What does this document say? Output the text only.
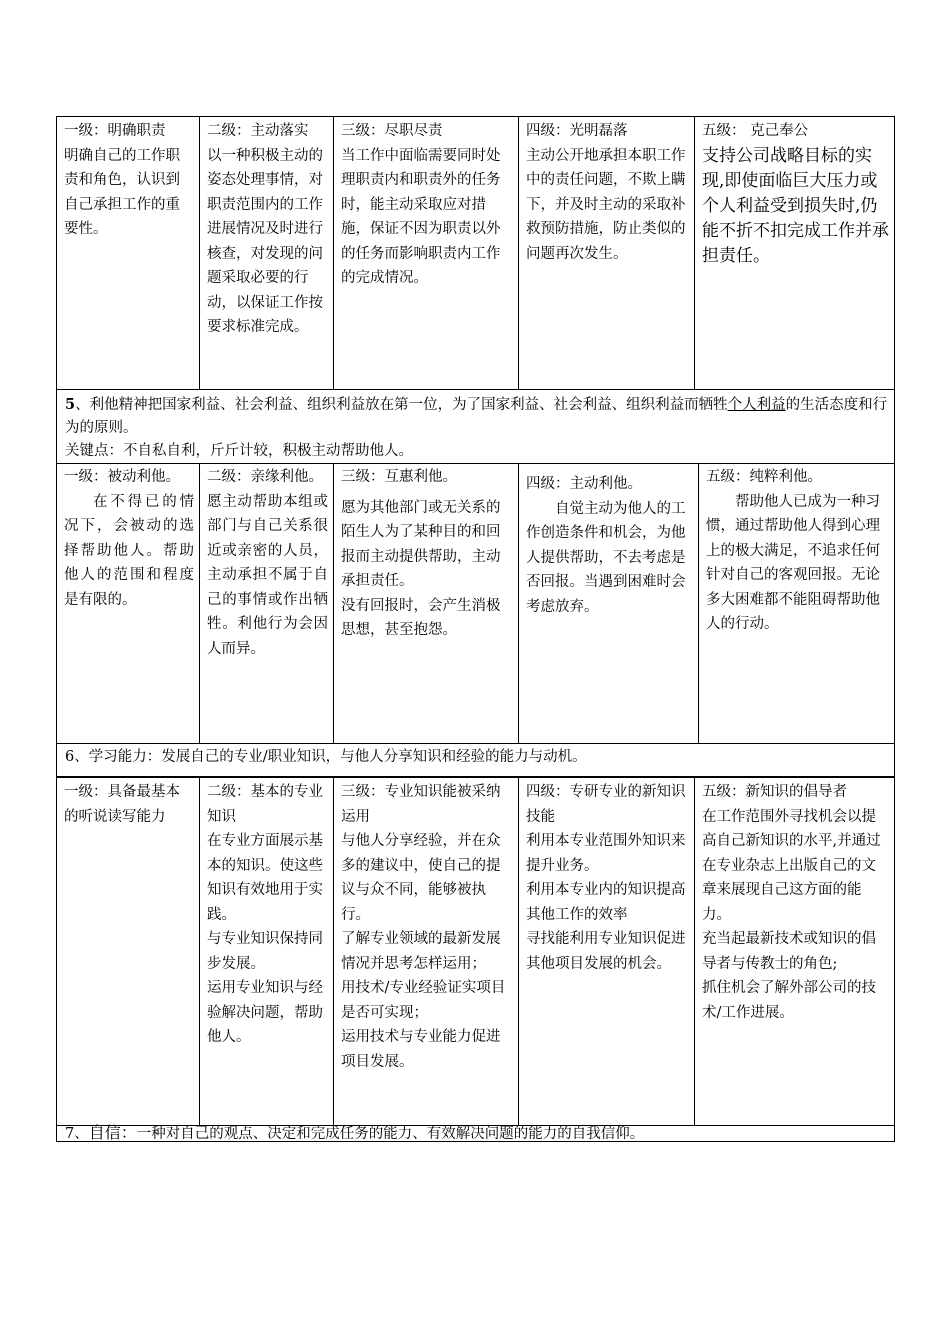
一级：明确职责

明确自己的工作职责和角色，认识到自己承担工作的重要性。

二级：主动落实

以一种积极主动的姿态处理事情，对职责范围内的工作进展情况及时进行核查，对发现的问题采取必要的行动，以保证工作按要求标准完成。

三级：尽职尽责

当工作中面临需要同时处理职责内和职责外的任务时，能主动采取应对措施，保证不因为职责以外的任务而影响职责内工作的完成情况。

四级：光明磊落

主动公开地承担本职工作中的责任问题，不欺上瞒下，并及时主动的采取补救预防措施，防止类似的问题再次发生。

五级： 克己奉公

支持公司战略目标的实现,即使面临巨大压力或个人利益受到损失时,仍能不折不扣完成工作并承担责任。

5、利他精神把国家利益、社会利益、组织利益放在第一位，为了国家利益、社会利益、组织利益而牺牲个人利益的生活态度和行为的原则。
关键点：不自私自利，斤斤计较，积极主动帮助他人。

一级：被动利他。

在不得已的情况下，会被动的选择帮助他人。帮助他人的范围和程度是有限的。

二级：亲缘利他。

愿主动帮助本组或部门与自己关系很近或亲密的人员，主动承担不属于自己的事情或作出牺牲。利他行为会因人而异。

三级：互惠利他。

愿为其他部门或无关系的陌生人为了某种目的和回报而主动提供帮助，主动承担责任。

没有回报时，会产生消极思想，甚至抱怨。

四级：主动利他。

自觉主动为他人的工作创造条件和机会，为他人提供帮助，不去考虑是否回报。当遇到困难时会考虑放弃。

五级：纯粹利他。

帮助他人已成为一种习惯，通过帮助他人得到心理上的极大满足，不追求任何针对自己的客观回报。无论多大困难都不能阻碍帮助他人的行动。

6、学习能力：发展自己的专业/职业知识，与他人分享知识和经验的能力与动机。

一级：具备最基本的听说读写能力

二级：基本的专业知识

在专业方面展示基本的知识。使这些知识有效地用于实践。

与专业知识保持同步发展。

运用专业知识与经验解决问题，帮助他人。

三级：专业知识能被采纳运用

与他人分享经验，并在众多的建议中，使自己的提议与众不同，能够被执行。

了解专业领域的最新发展情况并思考怎样运用；

用技术/专业经验证实项目是否可实现；

运用技术与专业能力促进项目发展。

四级：专研专业的新知识技能

利用本专业范围外知识来提升业务。

利用本专业内的知识提高其他工作的效率

寻找能利用专业知识促进其他项目发展的机会。

五级：新知识的倡导者

在工作范围外寻找机会以提高自己新知识的水平,并通过在专业杂志上出版自己的文章来展现自己这方面的能力。

充当起最新技术或知识的倡导者与传教士的角色;

抓住机会了解外部公司的技术/工作进展。

7、自信：一种对自己的观点、决定和完成任务的能力、有效解决问题的能力的自我信仰。
